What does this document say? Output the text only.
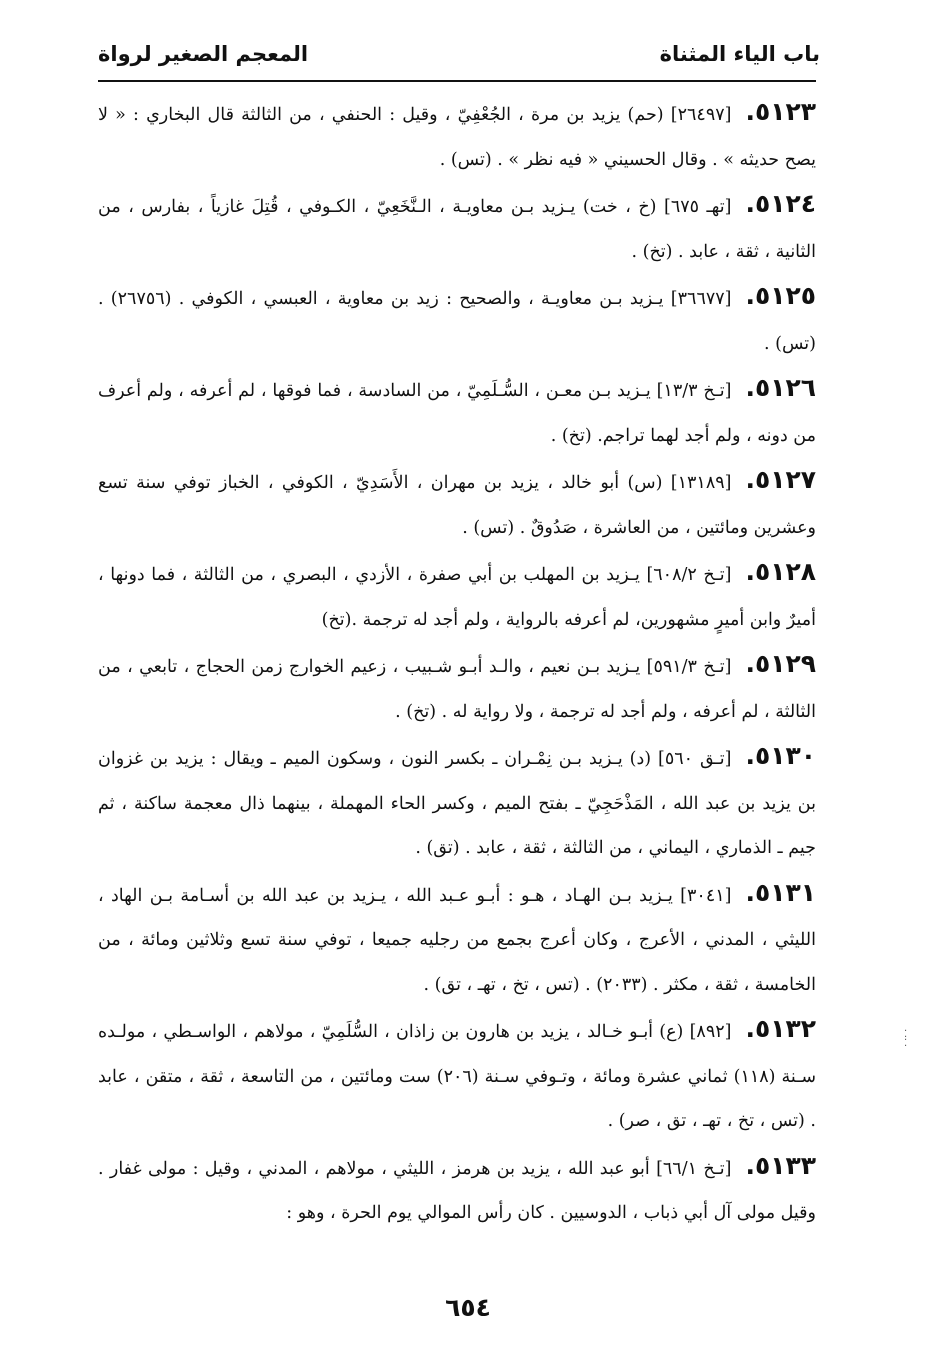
باب الياء المثناة
المعجم الصغير لرواة

٥١٢٣.[٢٦٤٩٧] (حم) يزيد بن مرة ، الجُعْفِيّ ، وقيل : الحنفي ، من الثالثة قال البخاري : « لا يصح حديثه » . وقال الحسيني « فيه نظر » . (تس) .

٥١٢٤.[تهـ ٦٧٥] (خ ، خت) يـزيد بـن معاويـة ، الـنَّخَعِيّ ، الكـوفي ، قُتِلَ غازياً ، بفارس ، من الثانية ، ثقة ، عابد . (تخ) .

٥١٢٥.[٣٦٦٧٧] يـزيد بـن معاويـة ، والصحيح : زيد بن معاوية ، العبسي ، الكوفي . (٢٦٧٥٦) . (تس) .

٥١٢٦.[تـخ ١٣/٣] يـزيد بـن معـن ، السُّـلَمِيّ ، من السادسة ، فما فوقها ، لم أعرفه ، ولم أعرف من دونه ، ولم أجد لهما تراجم. (تخ) .

٥١٢٧.[١٣١٨٩] (س) أبو خالد ، يزيد بن مهران ، الأَسَدِيّ ، الكوفي ، الخباز توفي سنة تسع وعشرين ومائتين ، من العاشرة ، صَدُوقٌ . (تس) .

٥١٢٨.[تـخ ٦٠٨/٢] يـزيد بن المهلب بن أبي صفرة ، الأزدي ، البصري ، من الثالثة ، فما دونها ، أميرٌ وابن أميرٍ مشهورين، لم أعرفه بالرواية ، ولم أجد له ترجمة .(تخ)

٥١٢٩.[تـخ ٥٩١/٣] يـزيد بـن نعيم ، والـد أبـو شـبيب ، زعيم الخوارج زمن الحجاج ، تابعي ، من الثالثة ، لم أعرفه ، ولم أجد له ترجمة ، ولا رواية له . (تخ) .

٥١٣٠.[تـق ٥٦٠] (د) يـزيد بـن نِمْـران ـ بكسر النون ، وسكون الميم ـ ويقال : يزيد بن غزوان بن يزيد بن عبد الله ، المَذْحَجِيّ ـ بفتح الميم ، وكسر الحاء المهملة ، بينهما ذال معجمة ساكنة ، ثم جيم ـ الذماري ، اليماني ، من الثالثة ، ثقة ، عابد . (تق) .

٥١٣١.[٣٠٤١] يـزيد بـن الهـاد ، هـو : أبـو عـبد الله ، يـزيد بن عبد الله بن أسـامة بـن الهاد ، الليثي ، المدني ، الأعرج ، وكان أعرج بجمع من رجليه جميعا ، توفي سنة تسع وثلاثين ومائة ، من الخامسة ، ثقة ، مكثر . (٢٠٣٣) . (تس ، تخ ، تهـ ، تق) .

٥١٣٢.[٨٩٢] (ع) أبـو خـالد ، يزيد بن هارون بن زاذان ، السُّلَمِيّ ، مولاهم ، الواسـطي ، مولـده سـنة (١١٨) ثماني عشرة ومائة ، وتـوفي سـنة (٢٠٦) ست ومائتين ، من التاسعة ، ثقة ، متقن ، عابد . (تس ، تخ ، تهـ ، تق ، صر) .

٥١٣٣.[تـخ ٦٦/١] أبو عبد الله ، يزيد بن هرمز ، الليثي ، مولاهم ، المدني ، وقيل : مولى غفار . وقيل مولى آل أبي ذباب ، الدوسيين . كان رأس الموالي يوم الحرة ، وهو :

⁚
⁚
٦٥٤
